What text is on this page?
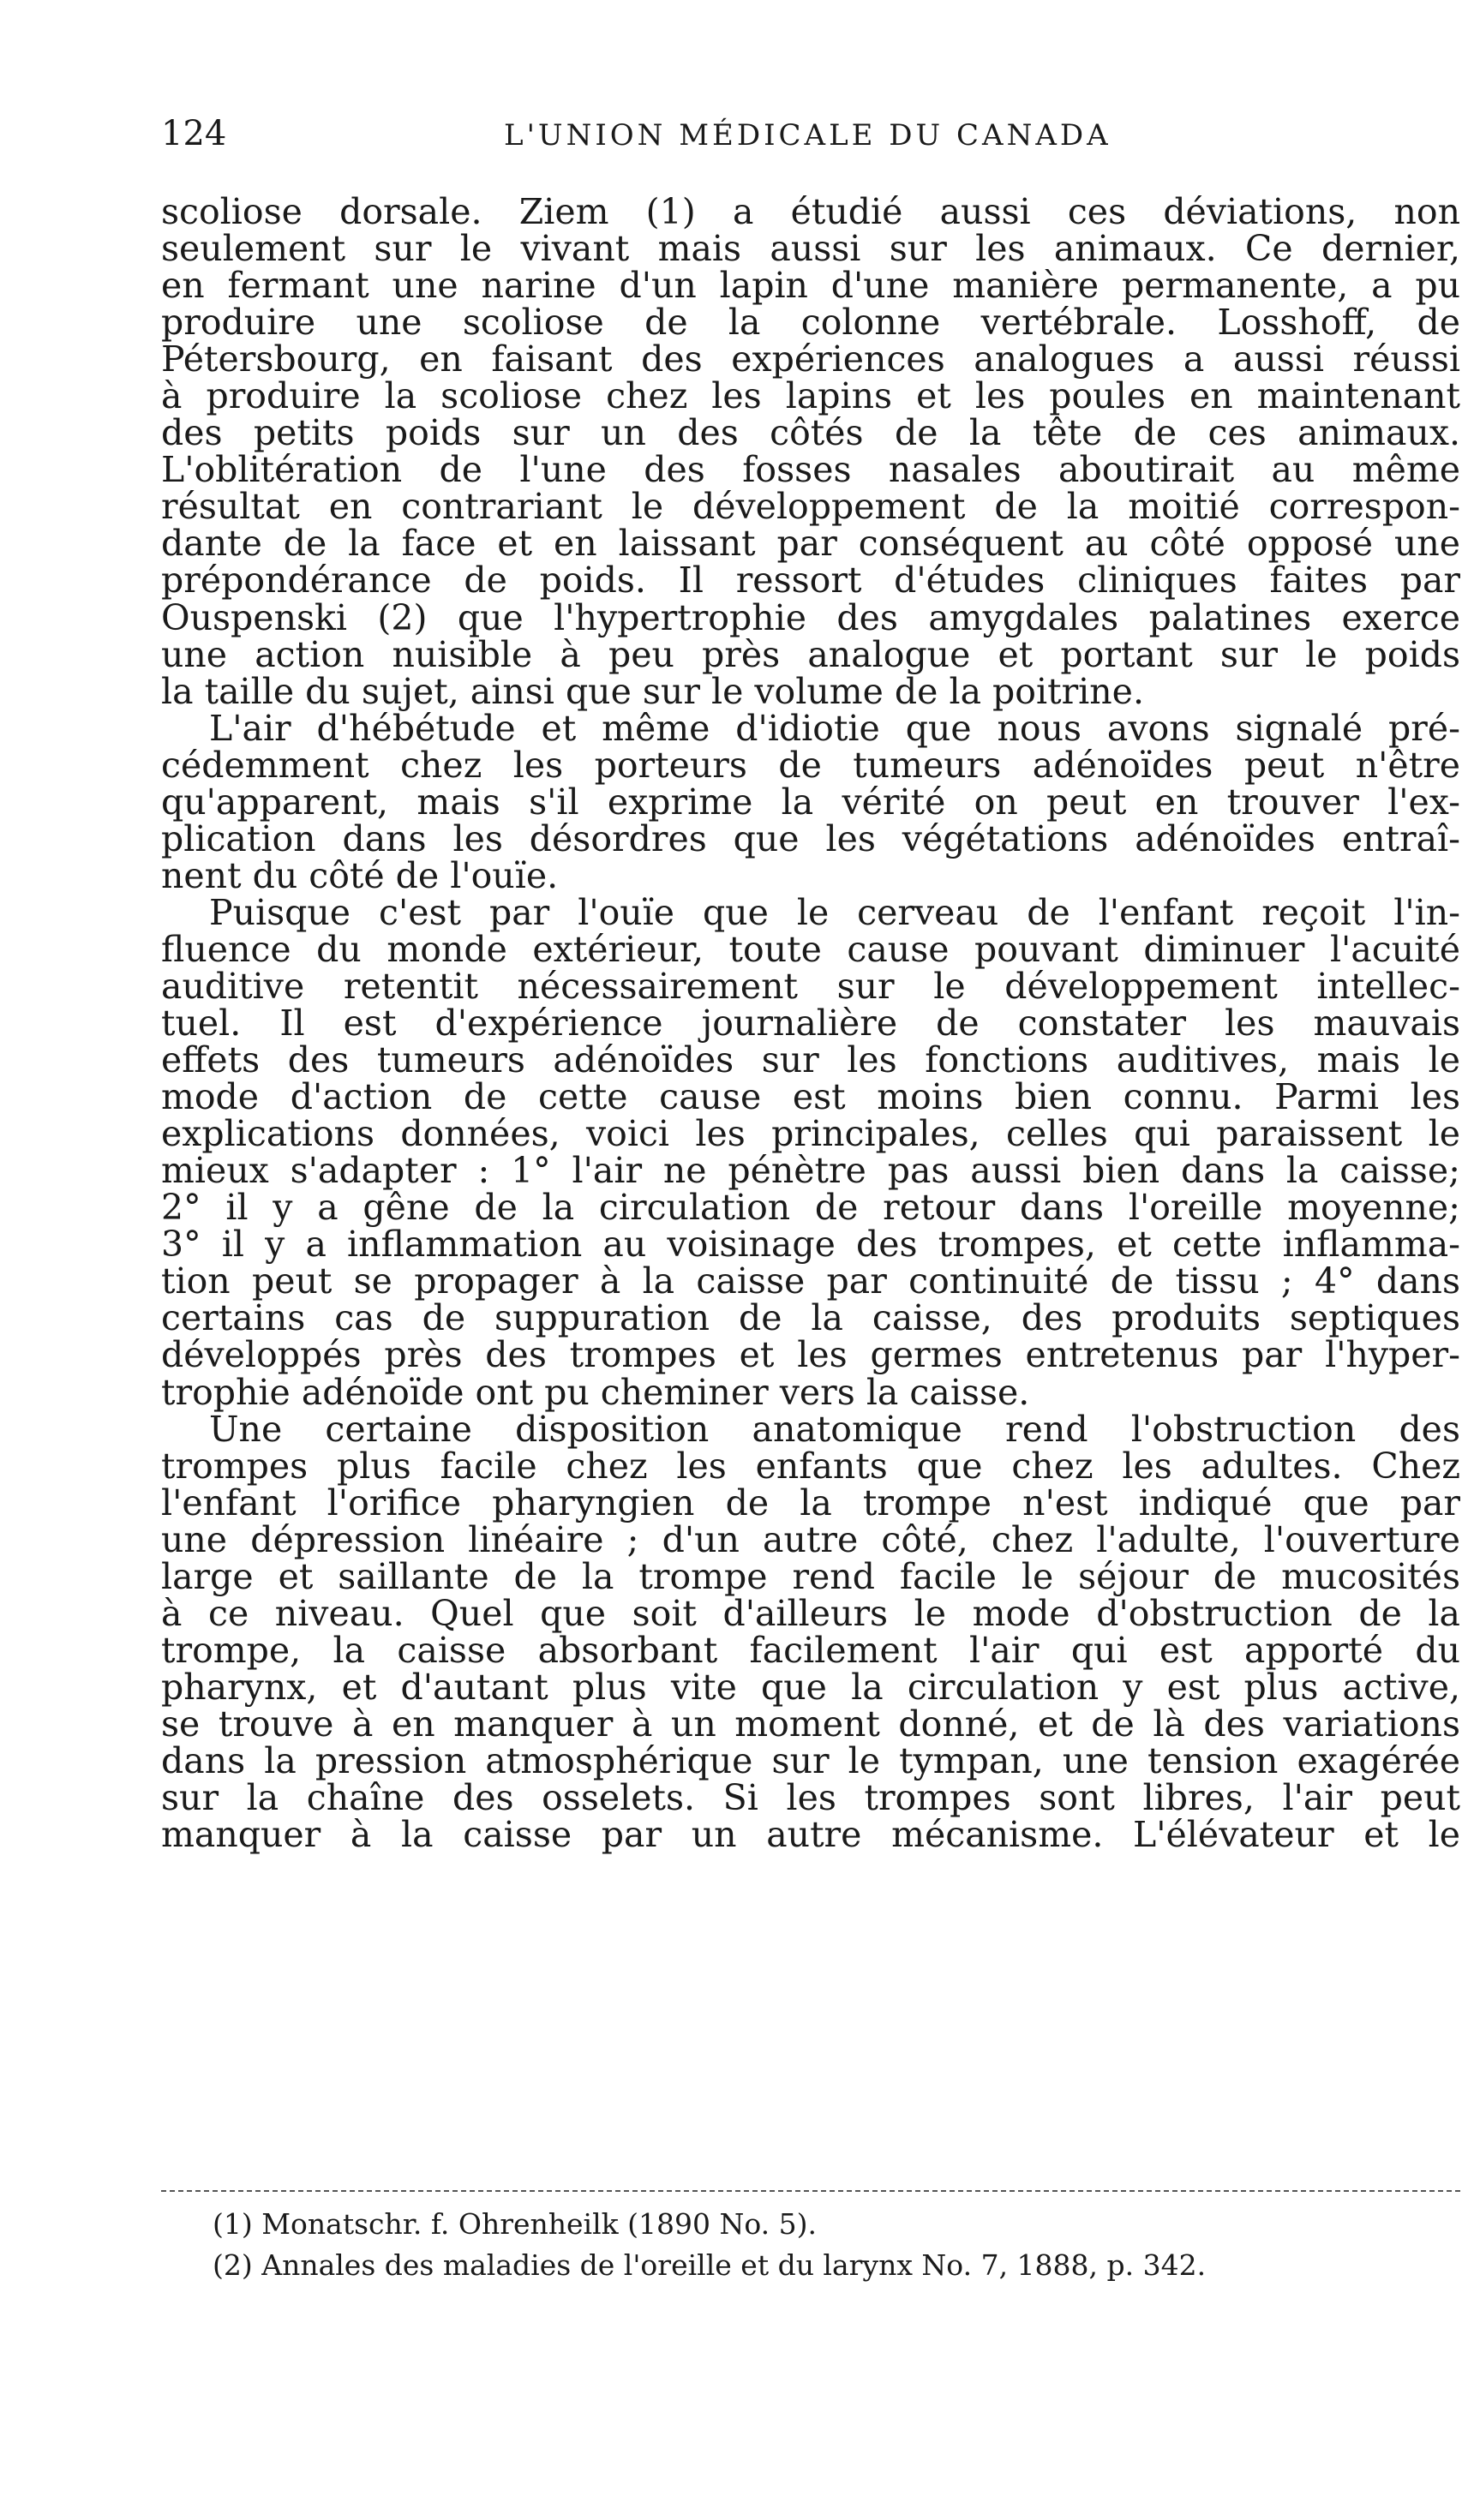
124	L'UNION MÉDICALE DU CANADA
scoliose dorsale. Ziem (1) a étudié aussi ces déviations, non
seulement sur le vivant mais aussi sur les animaux. Ce dernier,
en fermant une narine d'un lapin d'une manière permanente, a pu
produire une scoliose de la colonne vertébrale. Losshoff, de
Pétersbourg, en faisant des expériences analogues a aussi réussi
à produire la scoliose chez les lapins et les poules en maintenant
des petits poids sur un des côtés de la tête de ces animaux.
L'oblitération de l'une des fosses nasales aboutirait au même
résultat en contrariant le développement de la moitié correspon-
dante de la face et en laissant par conséquent au côté opposé une
prépondérance de poids. Il ressort d'études cliniques faites par
Ouspenski (2) que l'hypertrophie des amygdales palatines exerce
une action nuisible à peu près analogue et portant sur le poids
la taille du sujet, ainsi que sur le volume de la poitrine.
L'air d'hébétude et même d'idiotie que nous avons signalé pré-
cédemment chez les porteurs de tumeurs adénoïdes peut n'être
qu'apparent, mais s'il exprime la vérité on peut en trouver l'ex-
plication dans les désordres que les végétations adénoïdes entraî-
nent du côté de l'ouïe.
Puisque c'est par l'ouïe que le cerveau de l'enfant reçoit l'in-
fluence du monde extérieur, toute cause pouvant diminuer l'acuité
auditive retentit nécessairement sur le développement intellec-
tuel. Il est d'expérience journalière de constater les mauvais
effets des tumeurs adénoïdes sur les fonctions auditives, mais le
mode d'action de cette cause est moins bien connu. Parmi les
explications données, voici les principales, celles qui paraissent le
mieux s'adapter : 1° l'air ne pénètre pas aussi bien dans la caisse;
2° il y a gêne de la circulation de retour dans l'oreille moyenne;
3° il y a inflammation au voisinage des trompes, et cette inflamma-
tion peut se propager à la caisse par continuité de tissu ; 4° dans
certains cas de suppuration de la caisse, des produits septiques
développés près des trompes et les germes entretenus par l'hyper-
trophie adénoïde ont pu cheminer vers la caisse.
Une certaine disposition anatomique rend l'obstruction des
trompes plus facile chez les enfants que chez les adultes. Chez
l'enfant l'orifice pharyngien de la trompe n'est indiqué que par
une dépression linéaire ; d'un autre côté, chez l'adulte, l'ouverture
large et saillante de la trompe rend facile le séjour de mucosités
à ce niveau. Quel que soit d'ailleurs le mode d'obstruction de la
trompe, la caisse absorbant facilement l'air qui est apporté du
pharynx, et d'autant plus vite que la circulation y est plus active,
se trouve à en manquer à un moment donné, et de là des variations
dans la pression atmosphérique sur le tympan, une tension exagérée
sur la chaîne des osselets. Si les trompes sont libres, l'air peut
manquer à la caisse par un autre mécanisme. L'élévateur et le
(1) Monatschr. f. Ohrenheilk (1890 No. 5).
(2) Annales des maladies de l'oreille et du larynx No. 7, 1888, p. 342.
